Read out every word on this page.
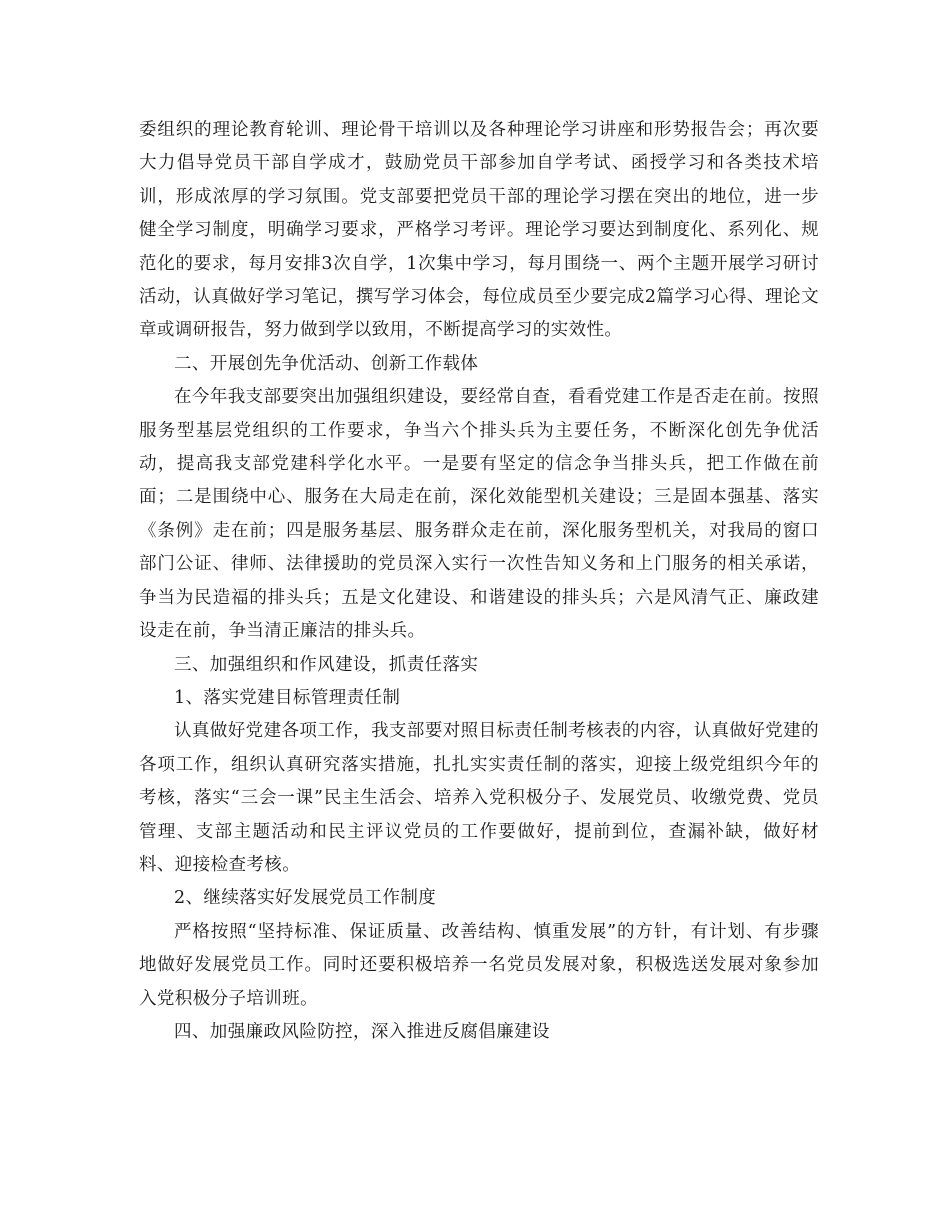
委组织的理论教育轮训、理论骨干培训以及各种理论学习讲座和形势报告会；再次要大力倡导党员干部自学成才，鼓励党员干部参加自学考试、函授学习和各类技术培训，形成浓厚的学习氛围。党支部要把党员干部的理论学习摆在突出的地位，进一步健全学习制度，明确学习要求，严格学习考评。理论学习要达到制度化、系列化、规范化的要求，每月安排3次自学，1次集中学习，每月围绕一、两个主题开展学习研讨活动，认真做好学习笔记，撰写学习体会，每位成员至少要完成2篇学习心得、理论文章或调研报告，努力做到学以致用，不断提高学习的实效性。

二、开展创先争优活动、创新工作载体

在今年我支部要突出加强组织建设，要经常自查，看看党建工作是否走在前。按照服务型基层党组织的工作要求，争当六个排头兵为主要任务，不断深化创先争优活动，提高我支部党建科学化水平。一是要有坚定的信念争当排头兵，把工作做在前面；二是围绕中心、服务在大局走在前，深化效能型机关建设；三是固本强基、落实《条例》走在前；四是服务基层、服务群众走在前，深化服务型机关，对我局的窗口部门公证、律师、法律援助的党员深入实行一次性告知义务和上门服务的相关承诺，争当为民造福的排头兵；五是文化建设、和谐建设的排头兵；六是风清气正、廉政建设走在前，争当清正廉洁的排头兵。

三、加强组织和作风建设，抓责任落实

1、落实党建目标管理责任制

认真做好党建各项工作，我支部要对照目标责任制考核表的内容，认真做好党建的各项工作，组织认真研究落实措施，扎扎实实责任制的落实，迎接上级党组织今年的考核，落实“三会一课”民主生活会、培养入党积极分子、发展党员、收缴党费、党员管理、支部主题活动和民主评议党员的工作要做好，提前到位，查漏补缺，做好材料、迎接检查考核。

2、继续落实好发展党员工作制度

严格按照“坚持标准、保证质量、改善结构、慎重发展”的方针，有计划、有步骤地做好发展党员工作。同时还要积极培养一名党员发展对象，积极选送发展对象参加入党积极分子培训班。

四、加强廉政风险防控，深入推进反腐倡廉建设
